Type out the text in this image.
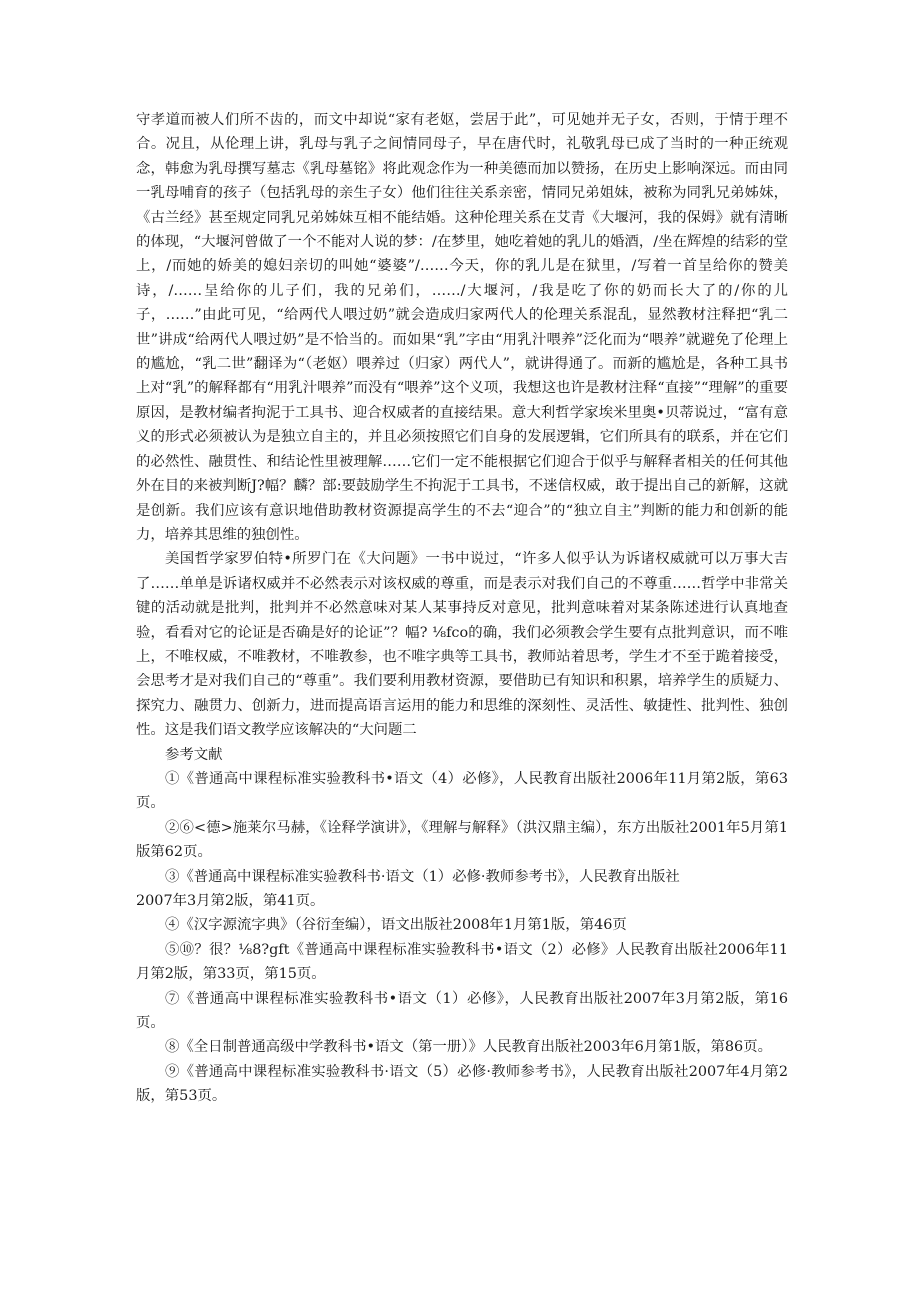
守孝道而被人们所不齿的，而文中却说“家有老妪，尝居于此”，可见她并无子女，否则，于情于理不合。况且，从伦理上讲，乳母与乳子之间情同母子，早在唐代时，礼敬乳母已成了当时的一种正统观念，韩愈为乳母撰写墓志《乳母墓铭》将此观念作为一种美德而加以赞扬，在历史上影响深远。而由同一乳母哺育的孩子（包括乳母的亲生子女）他们往往关系亲密，情同兄弟姐妹，被称为同乳兄弟姊妹，《古兰经》甚至规定同乳兄弟姊妹互相不能结婚。这种伦理关系在艾青《大堰河，我的保姆》就有清晰的体现，“大堰河曾做了一个不能对人说的梦：/在梦里，她吃着她的乳儿的婚酒，/坐在辉煌的结彩的堂上，/而她的娇美的媳妇亲切的叫她“婆婆”/……今天，你的乳儿是在狱里，/写着一首呈给你的赞美诗，/……呈给你的儿子们，我的兄弟们，……/大堰河，/我是吃了你的奶而长大了的/你的儿子，……”由此可见，“给两代人喂过奶”就会造成归家两代人的伦理关系混乱，显然教材注释把“乳二世”讲成“给两代人喂过奶”是不恰当的。而如果“乳”字由“用乳汁喂养”泛化而为“喂养”就避免了伦理上的尴尬，“乳二世”翻译为“（老妪）喂养过（归家）两代人”，就讲得通了。而新的尴尬是，各种工具书上对“乳”的解释都有“用乳汁喂养”而没有“喂养”这个义项，我想这也许是教材注释“直接”“理解”的重要原因，是教材编者拘泥于工具书、迎合权威者的直接结果。意大利哲学家埃米里奥•贝蒂说过，“富有意义的形式必须被认为是独立自主的，并且必须按照它们自身的发展逻辑，它们所具有的联系，并在它们的必然性、融贯性、和结论性里被理解……它们一定不能根据它们迎合于似乎与解释者相关的任何其他外在目的来被判断J?幅？麟？部:要鼓励学生不拘泥于工具书，不迷信权威，敢于提出自己的新解，这就是创新。我们应该有意识地借助教材资源提高学生的不去“迎合”的“独立自主”判断的能力和创新的能力，培养其思维的独创性。

美国哲学家罗伯特•所罗门在《大问题》一书中说过，“许多人似乎认为诉诸权威就可以万事大吉了……单单是诉诸权威并不必然表示对该权威的尊重，而是表示对我们自己的不尊重……哲学中非常关键的活动就是批判，批判并不必然意味对某人某事持反对意见，批判意味着对某条陈述进行认真地查验，看看对它的论证是否确是好的论证”？幅? ⅛fco的确，我们必须教会学生要有点批判意识，而不唯上，不唯权威，不唯教材，不唯教参，也不唯字典等工具书，教师站着思考，学生才不至于跪着接受，会思考才是对我们自己的“尊重”。我们要利用教材资源，要借助已有知识和积累，培养学生的质疑力、探究力、融贯力、创新力，进而提高语言运用的能力和思维的深刻性、灵活性、敏捷性、批判性、独创性。这是我们语文教学应该解决的“大问题二

参考文献

①《普通高中课程标准实验教科书•语文（4）必修》，人民教育出版社2006年11月第2版，第63页。

②⑥<德>施莱尔马赫，《诠释学演讲》，《理解与解释》（洪汉鼎主编），东方出版社2001年5月第1版第62页。

③《普通高中课程标准实验教科书·语文（1）必修·教师参考书》，人民教育出版社

2007年3月第2版，第41页。

④《汉字源流字典》（谷衍奎编），语文出版社2008年1月第1版，第46页

⑤⑩？很？⅛8?gft《普通高中课程标准实验教科书•语文（2）必修》人民教育出版社2006年11月第2版，第33页，第15页。

⑦《普通高中课程标准实验教科书•语文（1）必修》，人民教育出版社2007年3月第2版，第16页。

⑧《全日制普通高级中学教科书•语文（第一册）》人民教育出版社2003年6月第1版，第86页。

⑨《普通高中课程标准实验教科书·语文（5）必修·教师参考书》，人民教育出版社2007年4月第2版，第53页。
